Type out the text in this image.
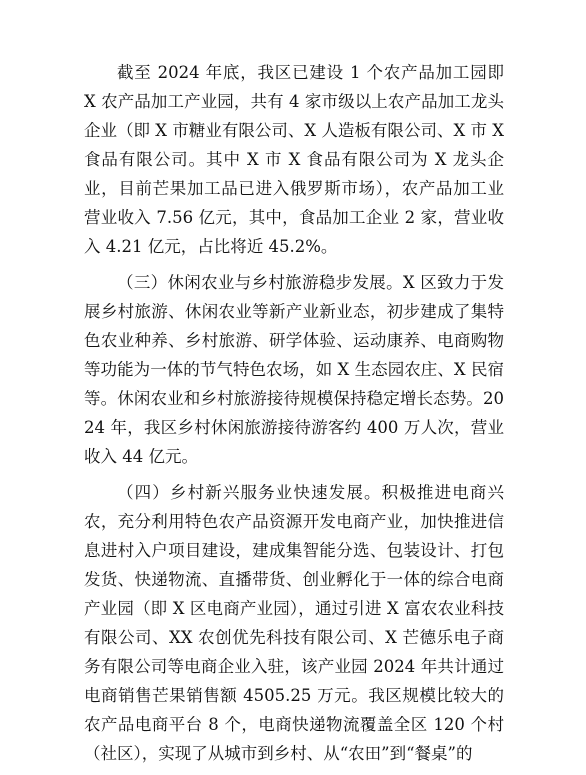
截至 2024 年底，我区已建设 1 个农产品加工园即 X 农产品加工产业园，共有 4 家市级以上农产品加工龙头企业（即 X 市糖业有限公司、X 人造板有限公司、X 市 X 食品有限公司。其中 X 市 X 食品有限公司为 X 龙头企业，目前芒果加工品已进入俄罗斯市场），农产品加工业营业收入 7.56 亿元，其中，食品加工企业 2 家，营业收入 4.21 亿元，占比将近 45.2%。

（三）休闲农业与乡村旅游稳步发展。X 区致力于发展乡村旅游、休闲农业等新产业新业态，初步建成了集特色农业种养、乡村旅游、研学体验、运动康养、电商购物等功能为一体的节气特色农场，如 X 生态园农庄、X 民宿等。休闲农业和乡村旅游接待规模保持稳定增长态势。2024 年，我区乡村休闲旅游接待游客约 400 万人次，营业收入 44 亿元。

（四）乡村新兴服务业快速发展。积极推进电商兴农，充分利用特色农产品资源开发电商产业，加快推进信息进村入户项目建设，建成集智能分选、包装设计、打包发货、快递物流、直播带货、创业孵化于一体的综合电商产业园（即 X 区电商产业园），通过引进 X 富农农业科技有限公司、XX 农创优先科技有限公司、X 芒德乐电子商务有限公司等电商企业入驻，该产业园 2024 年共计通过电商销售芒果销售额 4505.25 万元。我区规模比较大的农产品电商平台 8 个，电商快递物流覆盖全区 120 个村（社区），实现了从城市到乡村、从“农田”到“餐桌”的
